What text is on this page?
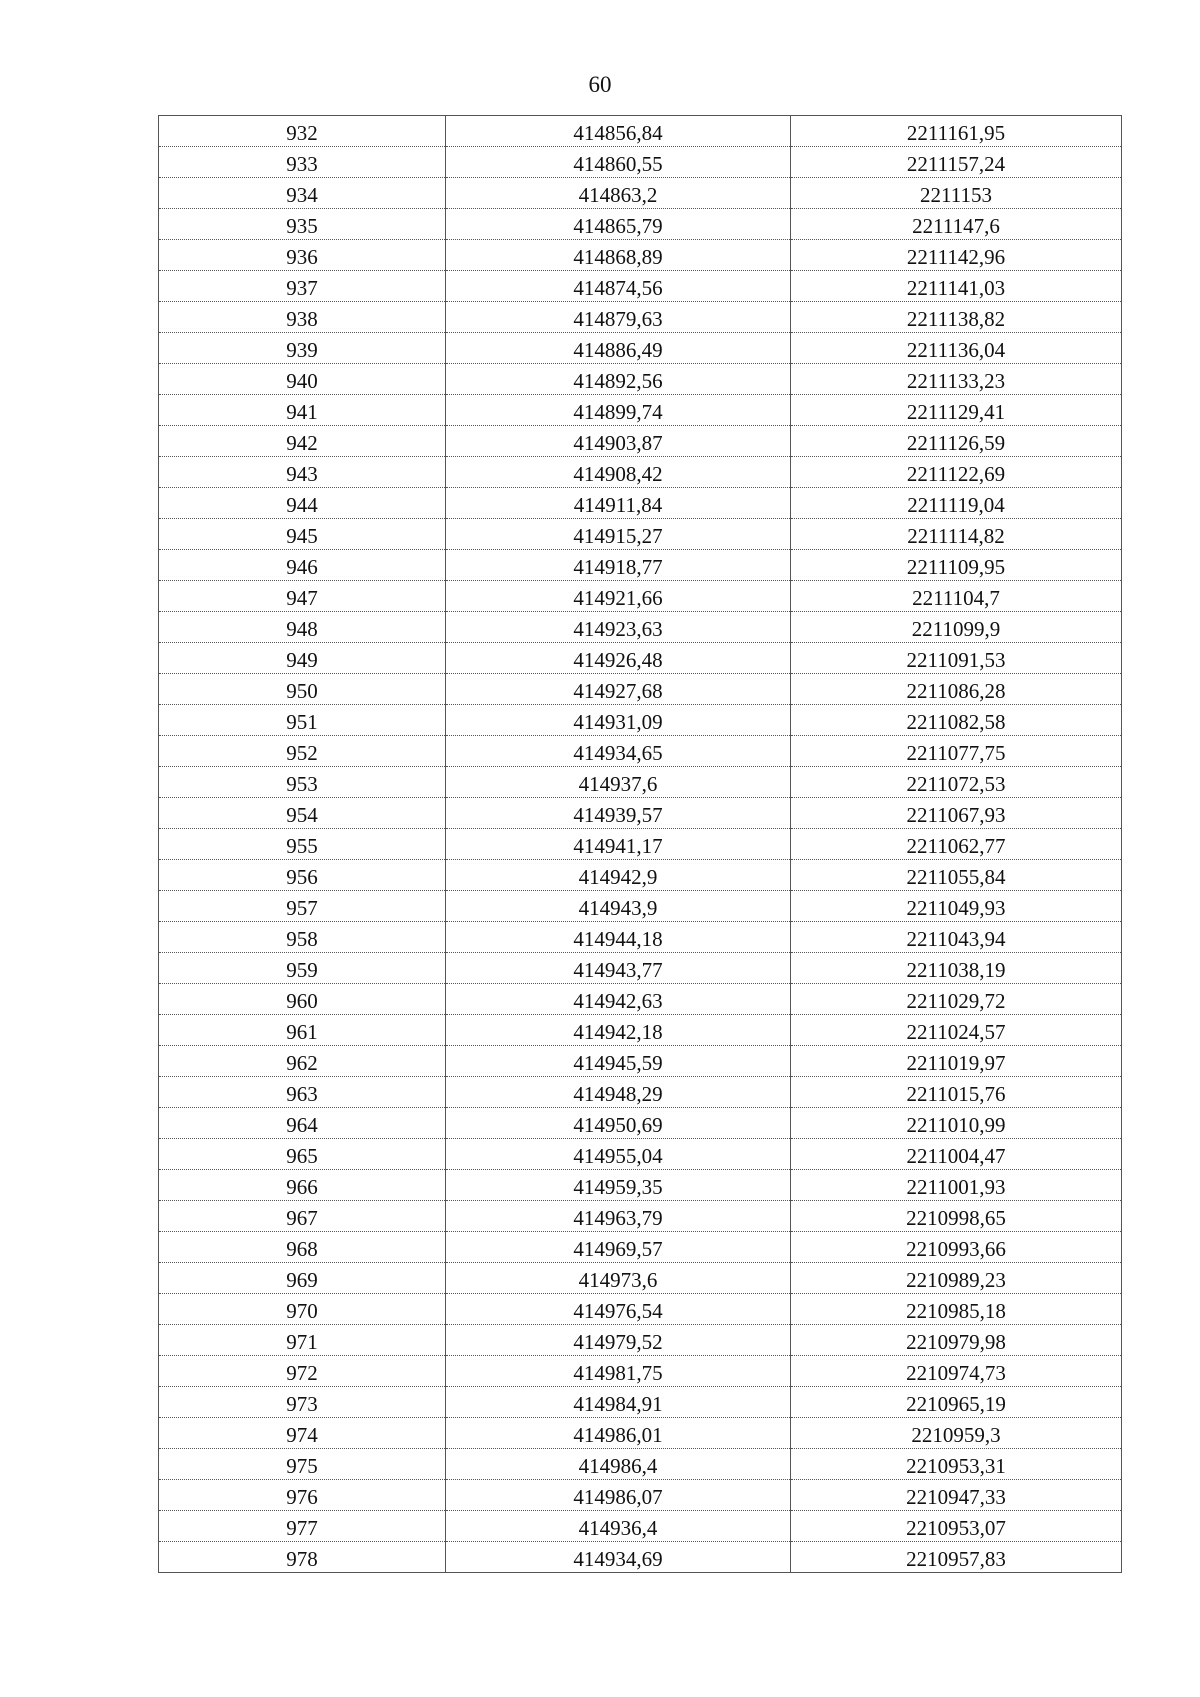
60
932	414856,84	2211161,95
933	414860,55	2211157,24
934	414863,2	2211153
935	414865,79	2211147,6
936	414868,89	2211142,96
937	414874,56	2211141,03
938	414879,63	2211138,82
939	414886,49	2211136,04
940	414892,56	2211133,23
941	414899,74	2211129,41
942	414903,87	2211126,59
943	414908,42	2211122,69
944	414911,84	2211119,04
945	414915,27	2211114,82
946	414918,77	2211109,95
947	414921,66	2211104,7
948	414923,63	2211099,9
949	414926,48	2211091,53
950	414927,68	2211086,28
951	414931,09	2211082,58
952	414934,65	2211077,75
953	414937,6	2211072,53
954	414939,57	2211067,93
955	414941,17	2211062,77
956	414942,9	2211055,84
957	414943,9	2211049,93
958	414944,18	2211043,94
959	414943,77	2211038,19
960	414942,63	2211029,72
961	414942,18	2211024,57
962	414945,59	2211019,97
963	414948,29	2211015,76
964	414950,69	2211010,99
965	414955,04	2211004,47
966	414959,35	2211001,93
967	414963,79	2210998,65
968	414969,57	2210993,66
969	414973,6	2210989,23
970	414976,54	2210985,18
971	414979,52	2210979,98
972	414981,75	2210974,73
973	414984,91	2210965,19
974	414986,01	2210959,3
975	414986,4	2210953,31
976	414986,07	2210947,33
977	414936,4	2210953,07
978	414934,69	2210957,83
